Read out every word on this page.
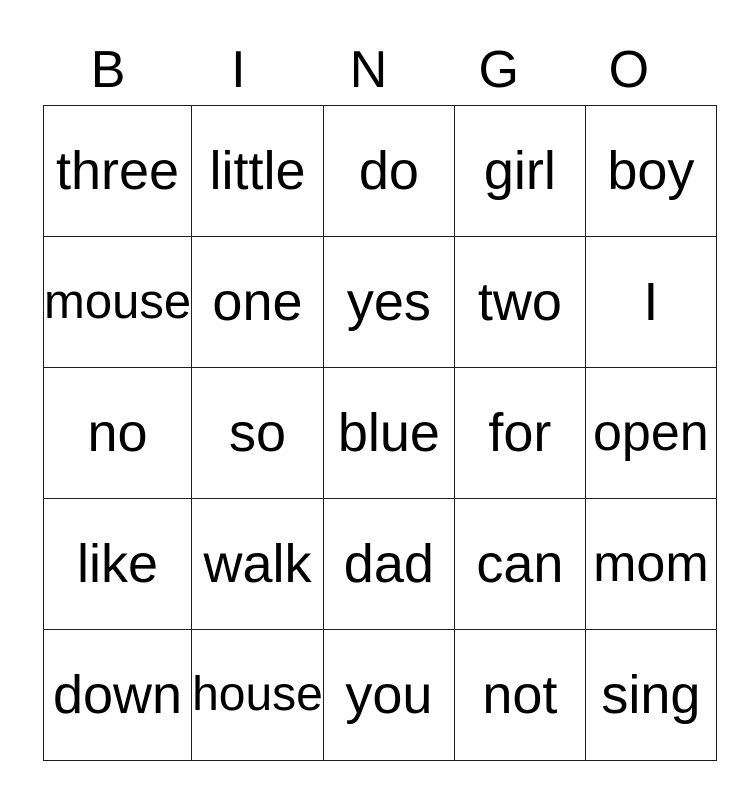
B I N G O
three	little	do	girl	boy
mouse	one	yes	two	I
no	so	blue	for	open
like	walk	dad	can	mom
down	house	you	not	sing
